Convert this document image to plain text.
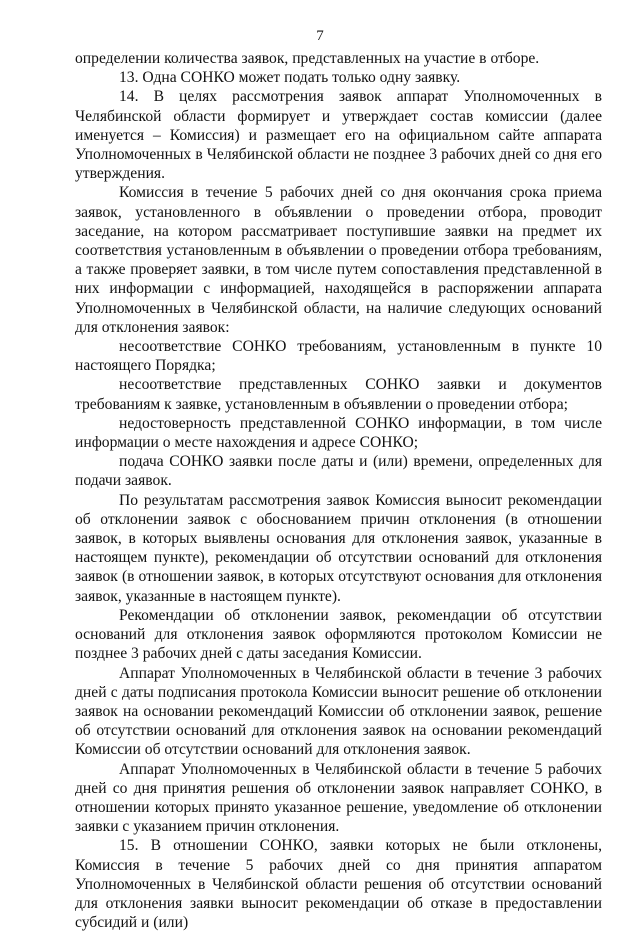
7

определении количества заявок, представленных на участие в отборе.

13. Одна СОНКО может подать только одну заявку.

14. В целях рассмотрения заявок аппарат Уполномоченных в Челябинской области формирует и утверждает состав комиссии (далее именуется – Комиссия) и размещает его на официальном сайте аппарата Уполномоченных в Челябинской области не позднее 3 рабочих дней со дня его утверждения.

Комиссия в течение 5 рабочих дней со дня окончания срока приема заявок, установленного в объявлении о проведении отбора, проводит заседание, на котором рассматривает поступившие заявки на предмет их соответствия установленным в объявлении о проведении отбора требованиям, а также проверяет заявки, в том числе путем сопоставления представленной в них информации с информацией, находящейся в распоряжении аппарата Уполномоченных в Челябинской области, на наличие следующих оснований для отклонения заявок:

несоответствие СОНКО требованиям, установленным в пункте 10 настоящего Порядка;

несоответствие представленных СОНКО заявки и документов требованиям к заявке, установленным в объявлении о проведении отбора;

недостоверность представленной СОНКО информации, в том числе информации о месте нахождения и адресе СОНКО;

подача СОНКО заявки после даты и (или) времени, определенных для подачи заявок.

По результатам рассмотрения заявок Комиссия выносит рекомендации об отклонении заявок с обоснованием причин отклонения (в отношении заявок, в которых выявлены основания для отклонения заявок, указанные в настоящем пункте), рекомендации об отсутствии оснований для отклонения заявок (в отношении заявок, в которых отсутствуют основания для отклонения заявок, указанные в настоящем пункте).

Рекомендации об отклонении заявок, рекомендации об отсутствии оснований для отклонения заявок оформляются протоколом Комиссии не позднее 3 рабочих дней с даты заседания Комиссии.

Аппарат Уполномоченных в Челябинской области в течение 3 рабочих дней с даты подписания протокола Комиссии выносит решение об отклонении заявок на основании рекомендаций Комиссии об отклонении заявок, решение об отсутствии оснований для отклонения заявок на основании рекомендаций Комиссии об отсутствии оснований для отклонения заявок.

Аппарат Уполномоченных в Челябинской области в течение 5 рабочих дней со дня принятия решения об отклонении заявок направляет СОНКО, в отношении которых принято указанное решение, уведомление об отклонении заявки с указанием причин отклонения.

15. В отношении СОНКО, заявки которых не были отклонены, Комиссия в течение 5 рабочих дней со дня принятия аппаратом Уполномоченных в Челябинской области решения об отсутствии оснований для отклонения заявки выносит рекомендации об отказе в предоставлении субсидий и (или)
